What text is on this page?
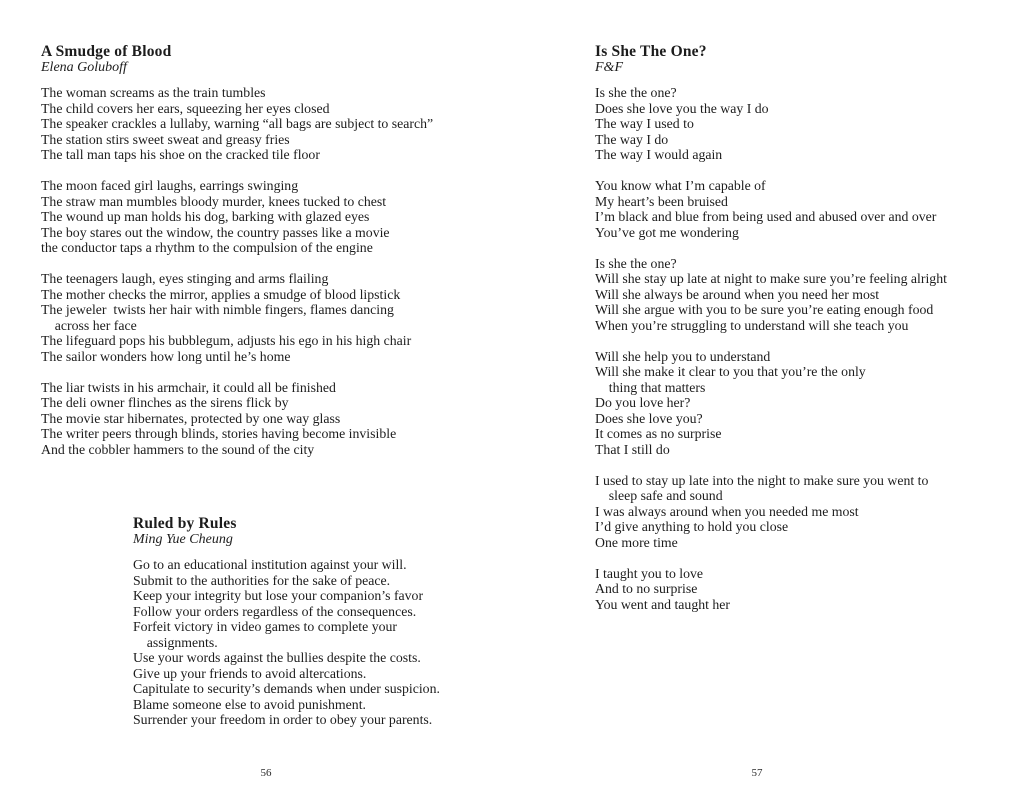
A Smudge of Blood
Elena Goluboff
The woman screams as the train tumbles
The child covers her ears, squeezing her eyes closed
The speaker crackles a lullaby, warning “all bags are subject to search”
The station stirs sweet sweat and greasy fries
The tall man taps his shoe on the cracked tile floor
The moon faced girl laughs, earrings swinging
The straw man mumbles bloody murder, knees tucked to chest
The wound up man holds his dog, barking with glazed eyes
The boy stares out the window, the country passes like a movie
the conductor taps a rhythm to the compulsion of the engine
The teenagers laugh, eyes stinging and arms flailing
The mother checks the mirror, applies a smudge of blood lipstick
The jeweler  twists her hair with nimble fingers, flames dancing
across her face
The lifeguard pops his bubblegum, adjusts his ego in his high chair
The sailor wonders how long until he’s home
The liar twists in his armchair, it could all be finished
The deli owner flinches as the sirens flick by
The movie star hibernates, protected by one way glass
The writer peers through blinds, stories having become invisible
And the cobbler hammers to the sound of the city
Ruled by Rules
Ming Yue Cheung
Go to an educational institution against your will.
Submit to the authorities for the sake of peace.
Keep your integrity but lose your companion’s favor
Follow your orders regardless of the consequences.
Forfeit victory in video games to complete your
assignments.
Use your words against the bullies despite the costs.
Give up your friends to avoid altercations.
Capitulate to security’s demands when under suspicion.
Blame someone else to avoid punishment.
Surrender your freedom in order to obey your parents.
56
Is She The One?
F&F
Is she the one?
Does she love you the way I do
The way I used to
The way I do
The way I would again
You know what I’m capable of
My heart’s been bruised
I’m black and blue from being used and abused over and over
You’ve got me wondering
Is she the one?
Will she stay up late at night to make sure you’re feeling alright
Will she always be around when you need her most
Will she argue with you to be sure you’re eating enough food
When you’re struggling to understand will she teach you
Will she help you to understand
Will she make it clear to you that you’re the only
thing that matters
Do you love her?
Does she love you?
It comes as no surprise
That I still do
I used to stay up late into the night to make sure you went to
sleep safe and sound
I was always around when you needed me most
I’d give anything to hold you close
One more time
I taught you to love
And to no surprise
You went and taught her
57
